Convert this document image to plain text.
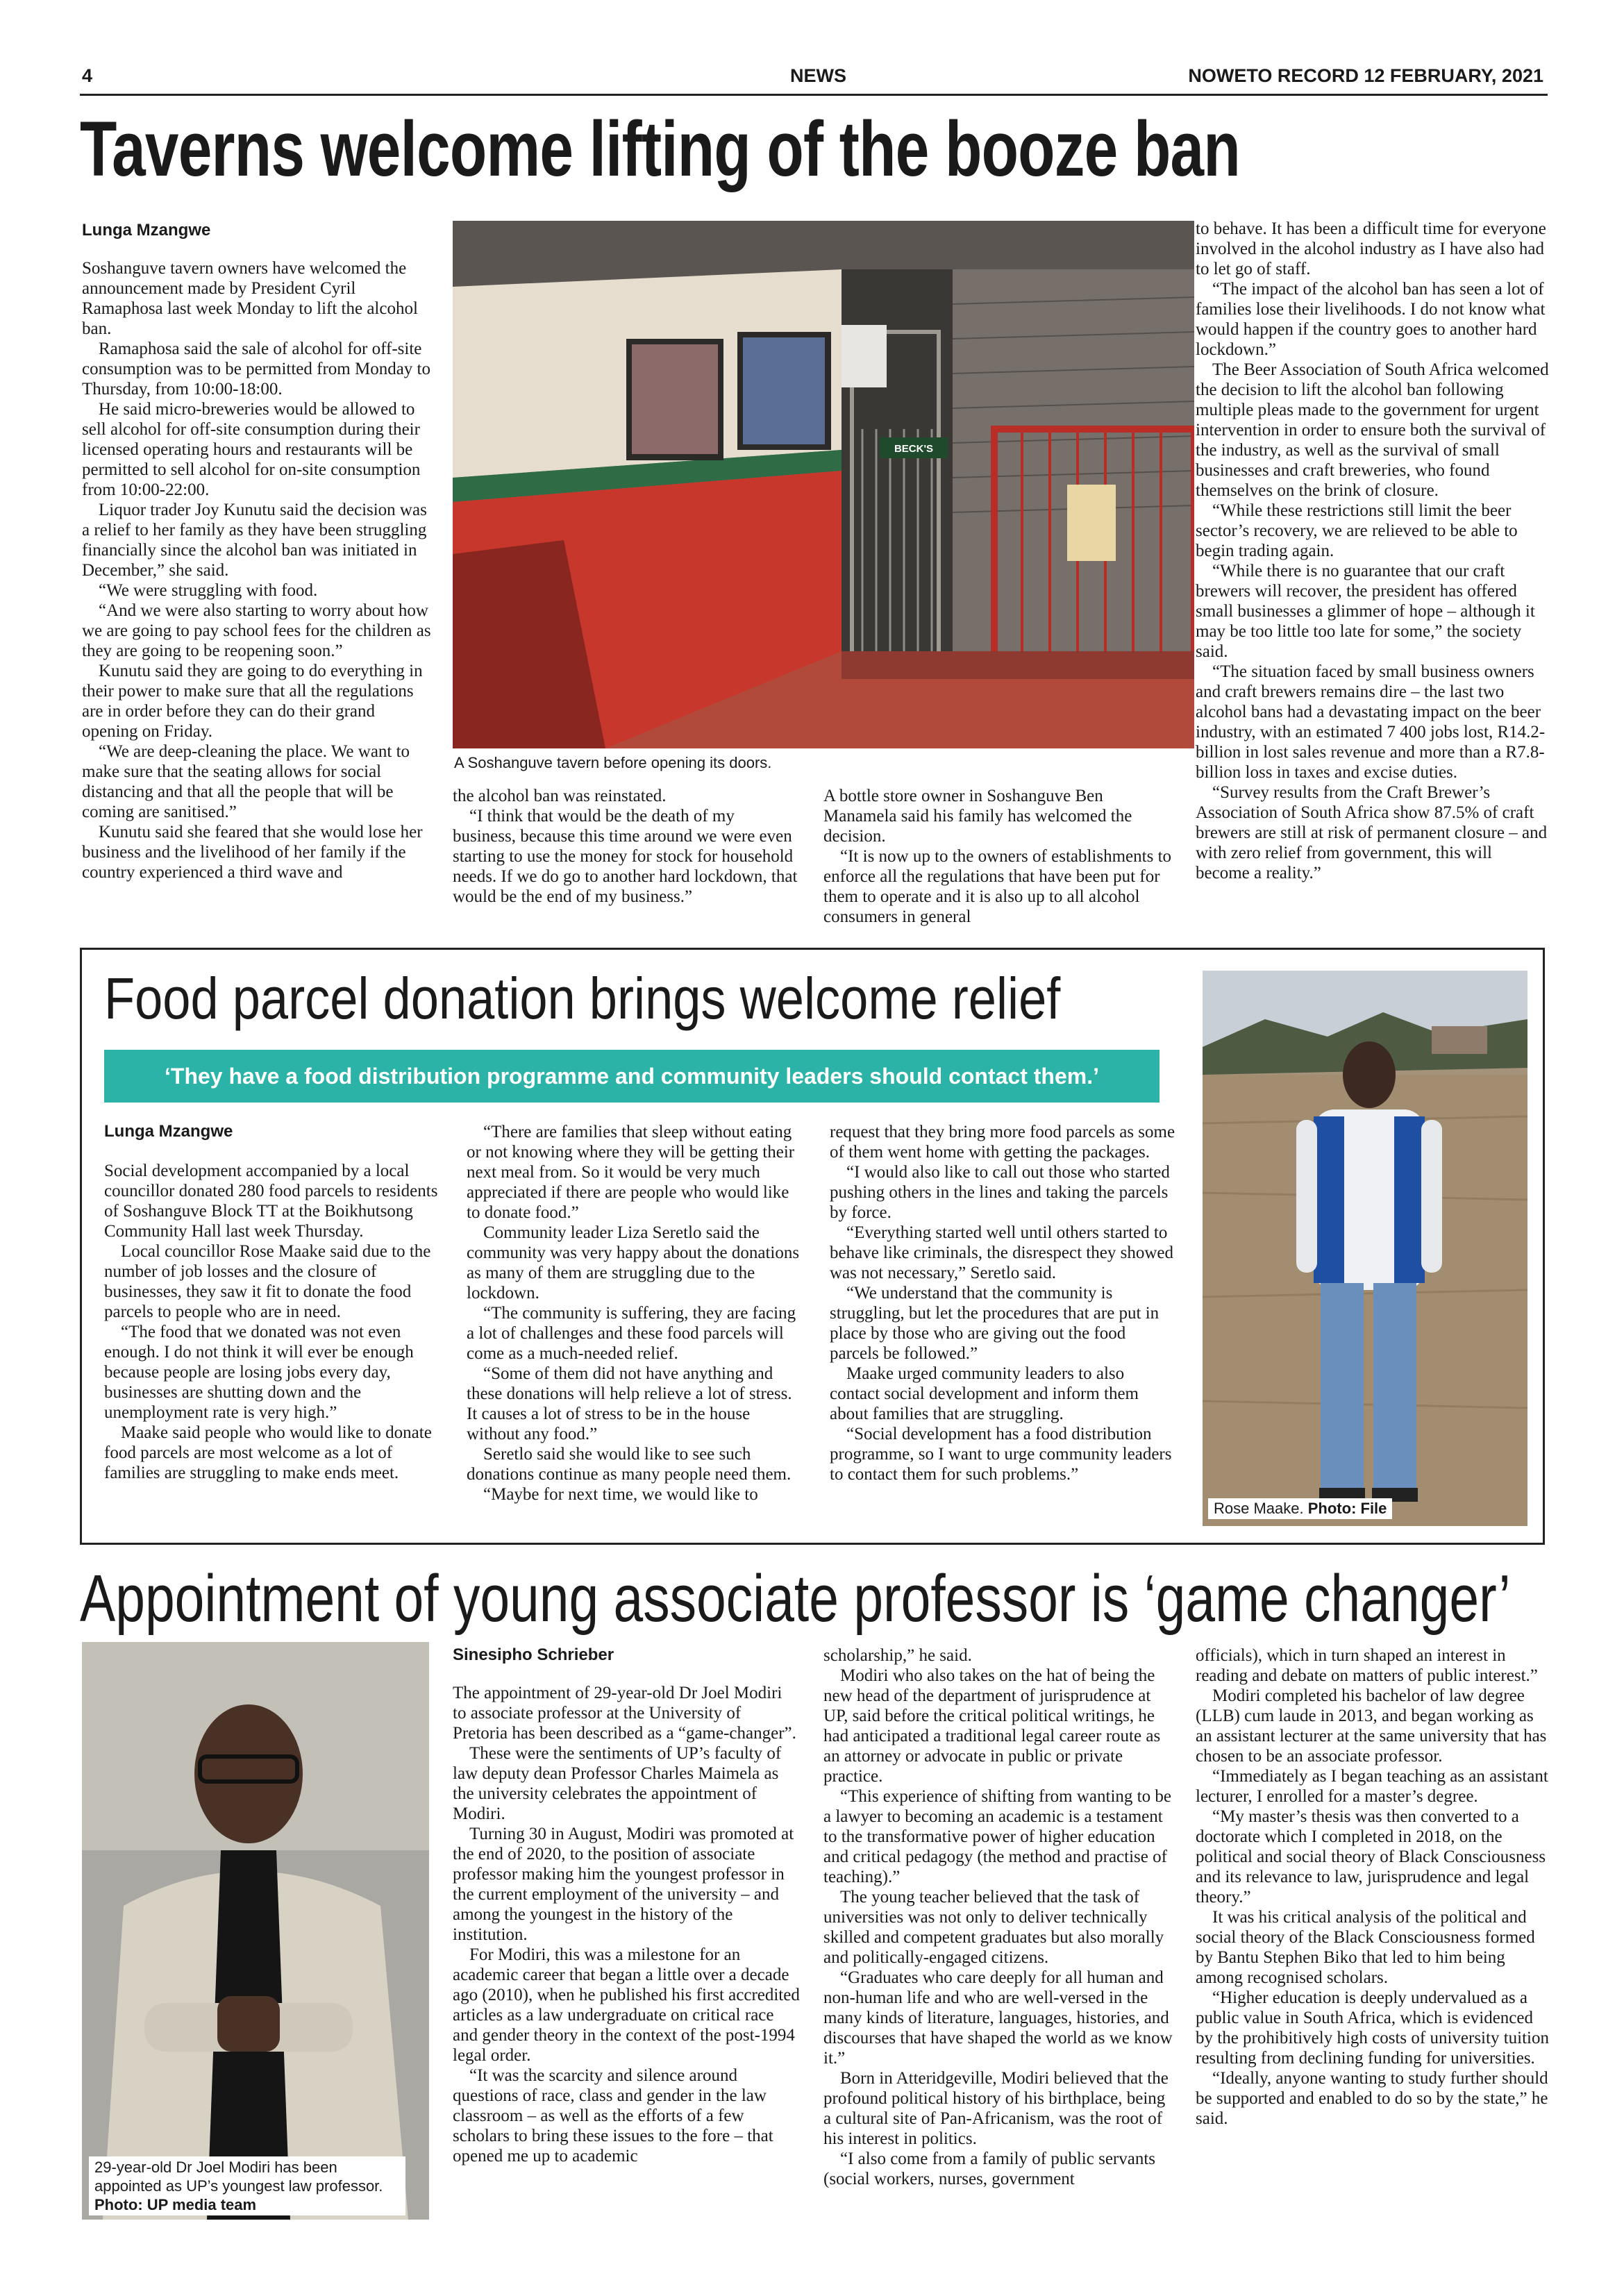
4	NEWS	NOWETO RECORD 12 FEBRUARY, 2021
Taverns welcome lifting of the booze ban
Lunga Mzangwe

Soshanguve tavern owners have welcomed the announcement made by President Cyril Ramaphosa last week Monday to lift the alcohol ban.

Ramaphosa said the sale of alcohol for off-site consumption was to be permitted from Monday to Thursday, from 10:00-18:00.

He said micro-breweries would be allowed to sell alcohol for off-site consumption during their licensed operating hours and restaurants will be permitted to sell alcohol for on-site consumption from 10:00-22:00.

Liquor trader Joy Kunutu said the decision was a relief to her family as they have been struggling financially since the alcohol ban was initiated in December,” she said.

“We were struggling with food.

“And we were also starting to worry about how we are going to pay school fees for the children as they are going to be reopening soon.”

Kunutu said they are going to do everything in their power to make sure that all the regulations are in order before they can do their grand opening on Friday.

“We are deep-cleaning the place. We want to make sure that the seating allows for social distancing and that all the people that will be coming are sanitised.”

Kunutu said she feared that she would lose her business and the livelihood of her family if the country experienced a third wave and

BECK'S
A Soshanguve tavern before opening its doors.

the alcohol ban was reinstated.

“I think that would be the death of my business, because this time around we were even starting to use the money for stock for household needs. If we do go to another hard lockdown, that would be the end of my business.”

A bottle store owner in Soshanguve Ben Manamela said his family has welcomed the decision.

“It is now up to the owners of establishments to enforce all the regulations that have been put for them to operate and it is also up to all alcohol consumers in general

to behave. It has been a difficult time for everyone involved in the alcohol industry as I have also had to let go of staff.

“The impact of the alcohol ban has seen a lot of families lose their livelihoods. I do not know what would happen if the country goes to another hard lockdown.”

The Beer Association of South Africa welcomed the decision to lift the alcohol ban following multiple pleas made to the government for urgent intervention in order to ensure both the survival of the industry, as well as the survival of small businesses and craft breweries, who found themselves on the brink of closure.

“While these restrictions still limit the beer sector’s recovery, we are relieved to be able to begin trading again.

“While there is no guarantee that our craft brewers will recover, the president has offered small businesses a glimmer of hope – although it may be too little too late for some,” the society said.

“The situation faced by small business owners and craft brewers remains dire – the last two alcohol bans had a devastating impact on the beer industry, with an estimated 7 400 jobs lost, R14.2-billion in lost sales revenue and more than a R7.8-billion loss in taxes and excise duties.

“Survey results from the Craft Brewer’s Association of South Africa show 87.5% of craft brewers are still at risk of permanent closure – and with zero relief from government, this will become a reality.”

Food parcel donation brings welcome relief
‘They have a food distribution programme and community leaders should contact them.’
Lunga Mzangwe

Social development accompanied by a local councillor donated 280 food parcels to residents of Soshanguve Block TT at the Boikhutsong Community Hall last week Thursday.

Local councillor Rose Maake said due to the number of job losses and the closure of businesses, they saw it fit to donate the food parcels to people who are in need.

“The food that we donated was not even enough. I do not think it will ever be enough because people are losing jobs every day, businesses are shutting down and the unemployment rate is very high.”

Maake said people who would like to donate food parcels are most welcome as a lot of families are struggling to make ends meet.

“There are families that sleep without eating or not knowing where they will be getting their next meal from. So it would be very much appreciated if there are people who would like to donate food.”

Community leader Liza Seretlo said the community was very happy about the donations as many of them are struggling due to the lockdown.

“The community is suffering, they are facing a lot of challenges and these food parcels will come as a much-needed relief.

“Some of them did not have anything and these donations will help relieve a lot of stress. It causes a lot of stress to be in the house without any food.”

Seretlo said she would like to see such donations continue as many people need them.

“Maybe for next time, we would like to

request that they bring more food parcels as some of them went home with getting the packages.

“I would also like to call out those who started pushing others in the lines and taking the parcels by force.

“Everything started well until others started to behave like criminals, the disrespect they showed was not necessary,” Seretlo said.

“We understand that the community is struggling, but let the procedures that are put in place by those who are giving out the food parcels be followed.”

Maake urged community leaders to also contact social development and inform them about families that are struggling.

“Social development has a food distribution programme, so I want to urge community leaders to contact them for such problems.”

Rose Maake. Photo: File
Appointment of young associate professor is ‘game changer’
29-year-old Dr Joel Modiri has been appointed as UP’s youngest law professor. Photo: UP media team
Sinesipho Schrieber

The appointment of 29-year-old Dr Joel Modiri to associate professor at the University of Pretoria has been described as a “game-changer”.

These were the sentiments of UP’s faculty of law deputy dean Professor Charles Maimela as the university celebrates the appointment of Modiri.

Turning 30 in August, Modiri was promoted at the end of 2020, to the position of associate professor making him the youngest professor in the current employment of the university – and among the youngest in the history of the institution.

For Modiri, this was a milestone for an academic career that began a little over a decade ago (2010), when he published his first accredited articles as a law undergraduate on critical race and gender theory in the context of the post-1994 legal order.

“It was the scarcity and silence around questions of race, class and gender in the law classroom – as well as the efforts of a few scholars to bring these issues to the fore – that opened me up to academic

scholarship,” he said.

Modiri who also takes on the hat of being the new head of the department of jurisprudence at UP, said before the critical political writings, he had anticipated a traditional legal career route as an attorney or advocate in public or private practice.

“This experience of shifting from wanting to be a lawyer to becoming an academic is a testament to the transformative power of higher education and critical pedagogy (the method and practise of teaching).”

The young teacher believed that the task of universities was not only to deliver technically skilled and competent graduates but also morally and politically-engaged citizens.

“Graduates who care deeply for all human and non-human life and who are well-versed in the many kinds of literature, languages, histories, and discourses that have shaped the world as we know it.”

Born in Atteridgeville, Modiri believed that the profound political history of his birthplace, being a cultural site of Pan-Africanism, was the root of his interest in politics.

“I also come from a family of public servants (social workers, nurses, government

officials), which in turn shaped an interest in reading and debate on matters of public interest.”

Modiri completed his bachelor of law degree (LLB) cum laude in 2013, and began working as an assistant lecturer at the same university that has chosen to be an associate professor.

“Immediately as I began teaching as an assistant lecturer, I enrolled for a master’s degree.

“My master’s thesis was then converted to a doctorate which I completed in 2018, on the political and social theory of Black Consciousness and its relevance to law, jurisprudence and legal theory.”

It was his critical analysis of the political and social theory of the Black Consciousness formed by Bantu Stephen Biko that led to him being among recognised scholars.

“Higher education is deeply undervalued as a public value in South Africa, which is evidenced by the prohibitively high costs of university tuition resulting from declining funding for universities.

“Ideally, anyone wanting to study further should be supported and enabled to do so by the state,” he said.
